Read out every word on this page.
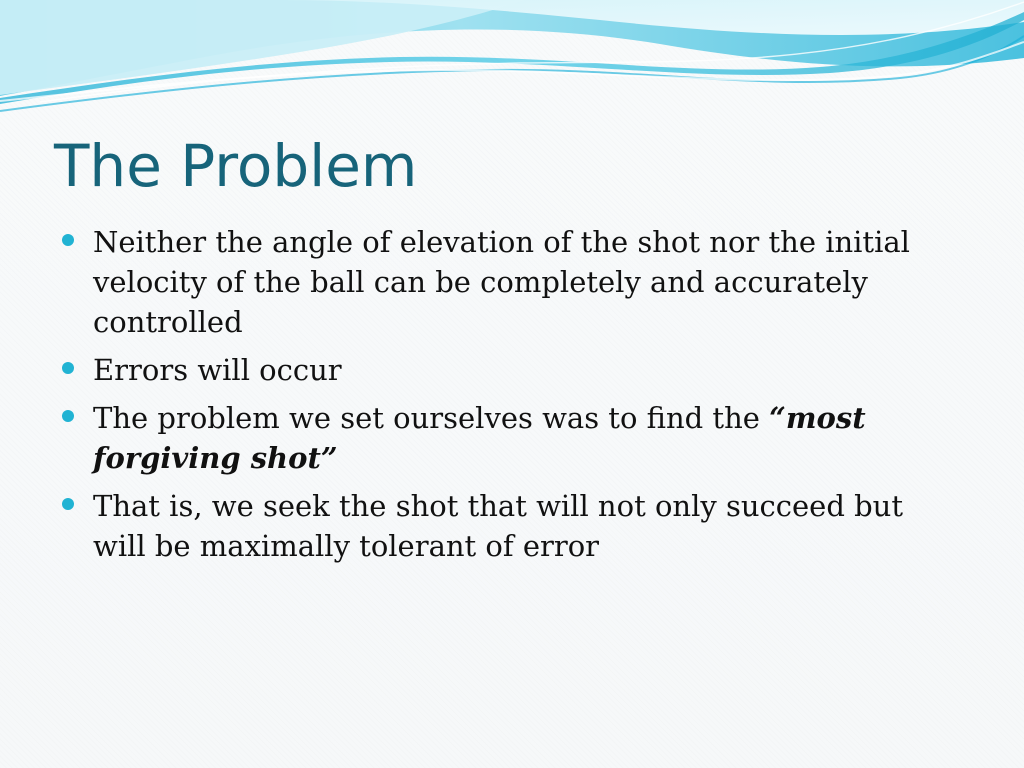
The Problem
Neither the angle of elevation of the shot nor the initial velocity of the ball can be completely and accurately controlled
Errors will occur
The problem we set ourselves was to find the “most forgiving shot”
That is, we seek the shot that will not only succeed but will be maximally tolerant of error
